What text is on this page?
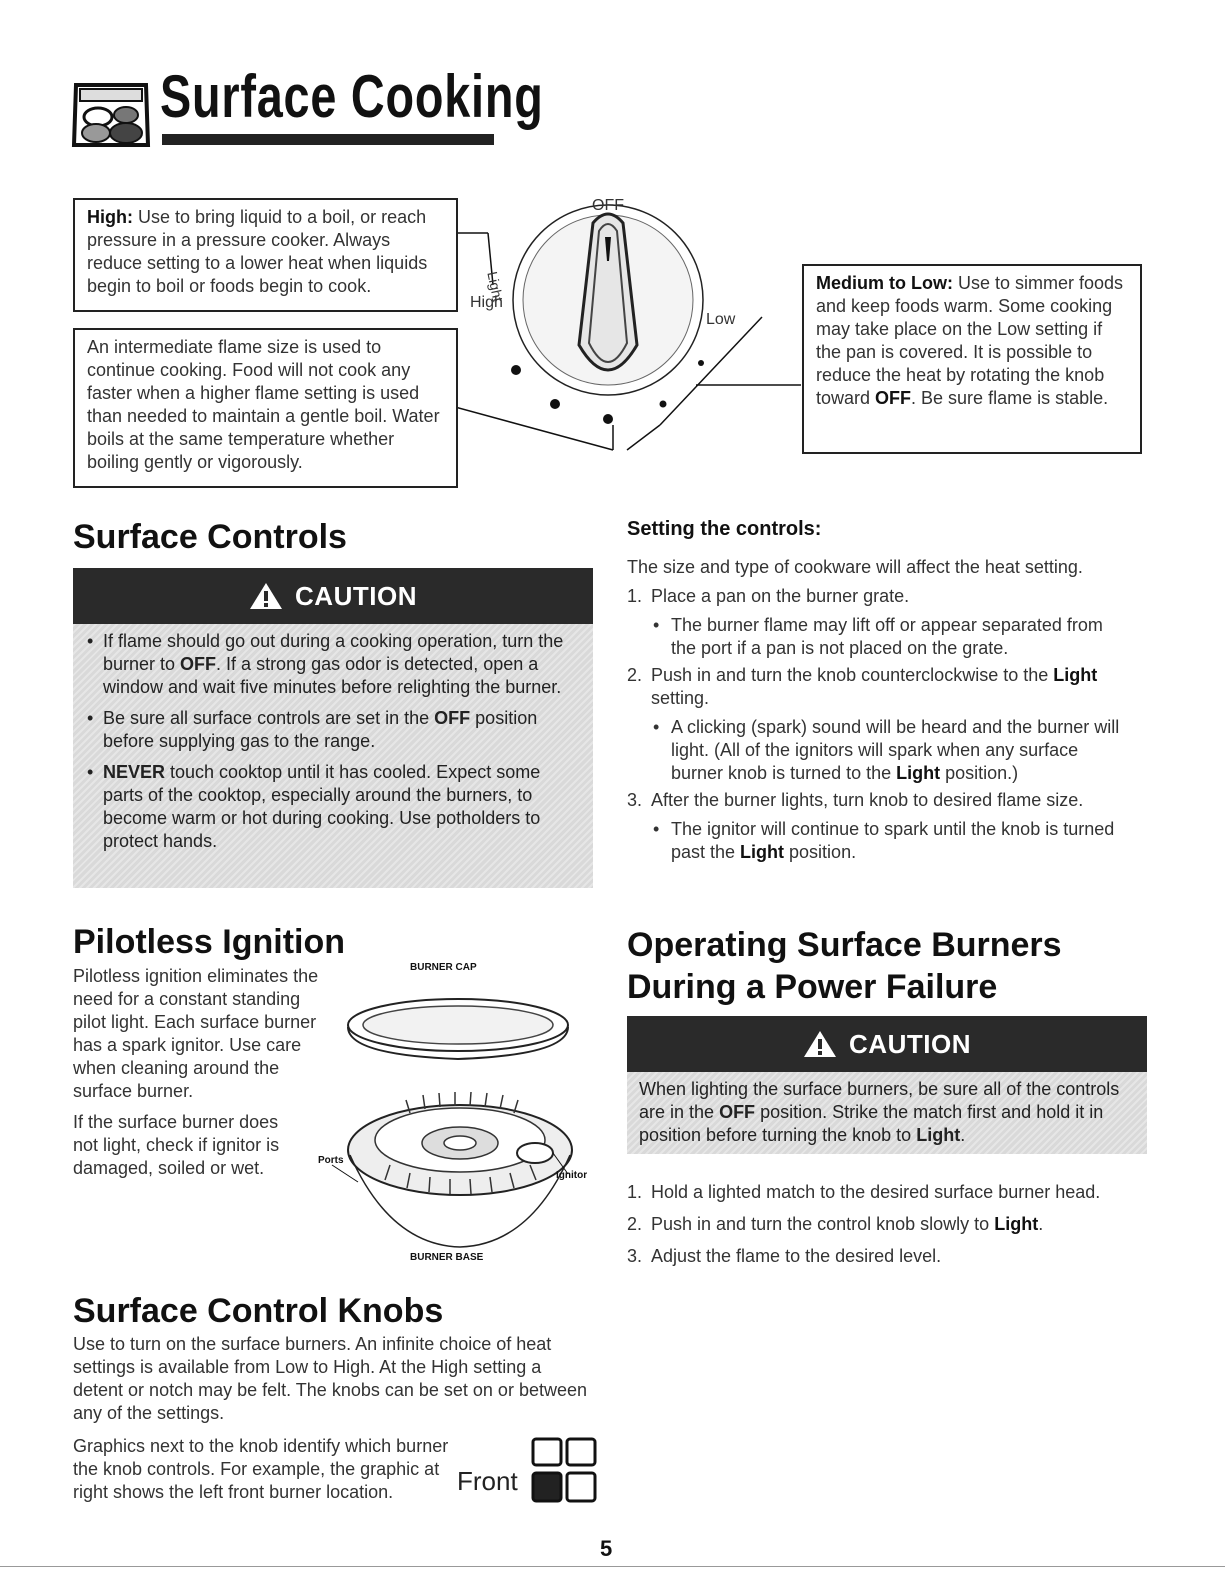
Surface Cooking
OFF
High
Light
Low
High: Use to bring liquid to a boil, or reach pressure in a pressure cooker. Always reduce setting to a lower heat when liquids begin to boil or foods begin to cook.
An intermediate flame size is used to continue cooking. Food will not cook any faster when a higher flame setting is used than needed to maintain a gentle boil. Water boils at the same temperature whether boiling gently or vigorously.
Medium to Low: Use to simmer foods and keep foods warm. Some cooking may take place on the Low setting if the pan is covered. It is possible to reduce the heat by rotating the knob toward OFF. Be sure flame is stable.
Surface Controls
CAUTION
• If flame should go out during a cooking operation, turn the burner to OFF. If a strong gas odor is detected, open a window and wait five minutes before relighting the burner.
• Be sure all surface controls are set in the OFF position before supplying gas to the range.
• NEVER touch cooktop until it has cooled. Expect some parts of the cooktop, especially around the burners, to become warm or hot during cooking. Use potholders to protect hands.
Setting the controls:
The size and type of cookware will affect the heat setting.
1. Place a pan on the burner grate.
• The burner flame may lift off or appear separated from the port if a pan is not placed on the grate.
2. Push in and turn the knob counterclockwise to the Light setting.
• A clicking (spark) sound will be heard and the burner will light. (All of the ignitors will spark when any surface burner knob is turned to the Light position.)
3. After the burner lights, turn knob to desired flame size.
• The ignitor will continue to spark until the knob is turned past the Light position.
Pilotless Ignition
Pilotless ignition eliminates the need for a constant standing pilot light. Each surface burner has a spark ignitor. Use care when cleaning around the surface burner.
If the surface burner does not light, check if ignitor is damaged, soiled or wet.
BURNER CAP
Ports
Ignitor
BURNER BASE
Operating Surface Burners
During a Power Failure
CAUTION
When lighting the surface burners, be sure all of the controls are in the OFF position. Strike the match first and hold it in position before turning the knob to Light.
1. Hold a lighted match to the desired surface burner head.
2. Push in and turn the control knob slowly to Light.
3. Adjust the flame to the desired level.
Surface Control Knobs
Use to turn on the surface burners. An infinite choice of heat settings is available from Low to High. At the High setting a detent or notch may be felt. The knobs can be set on or between any of the settings.
Graphics next to the knob identify which burner the knob controls. For example, the graphic at right shows the left front burner location.	Front
5
